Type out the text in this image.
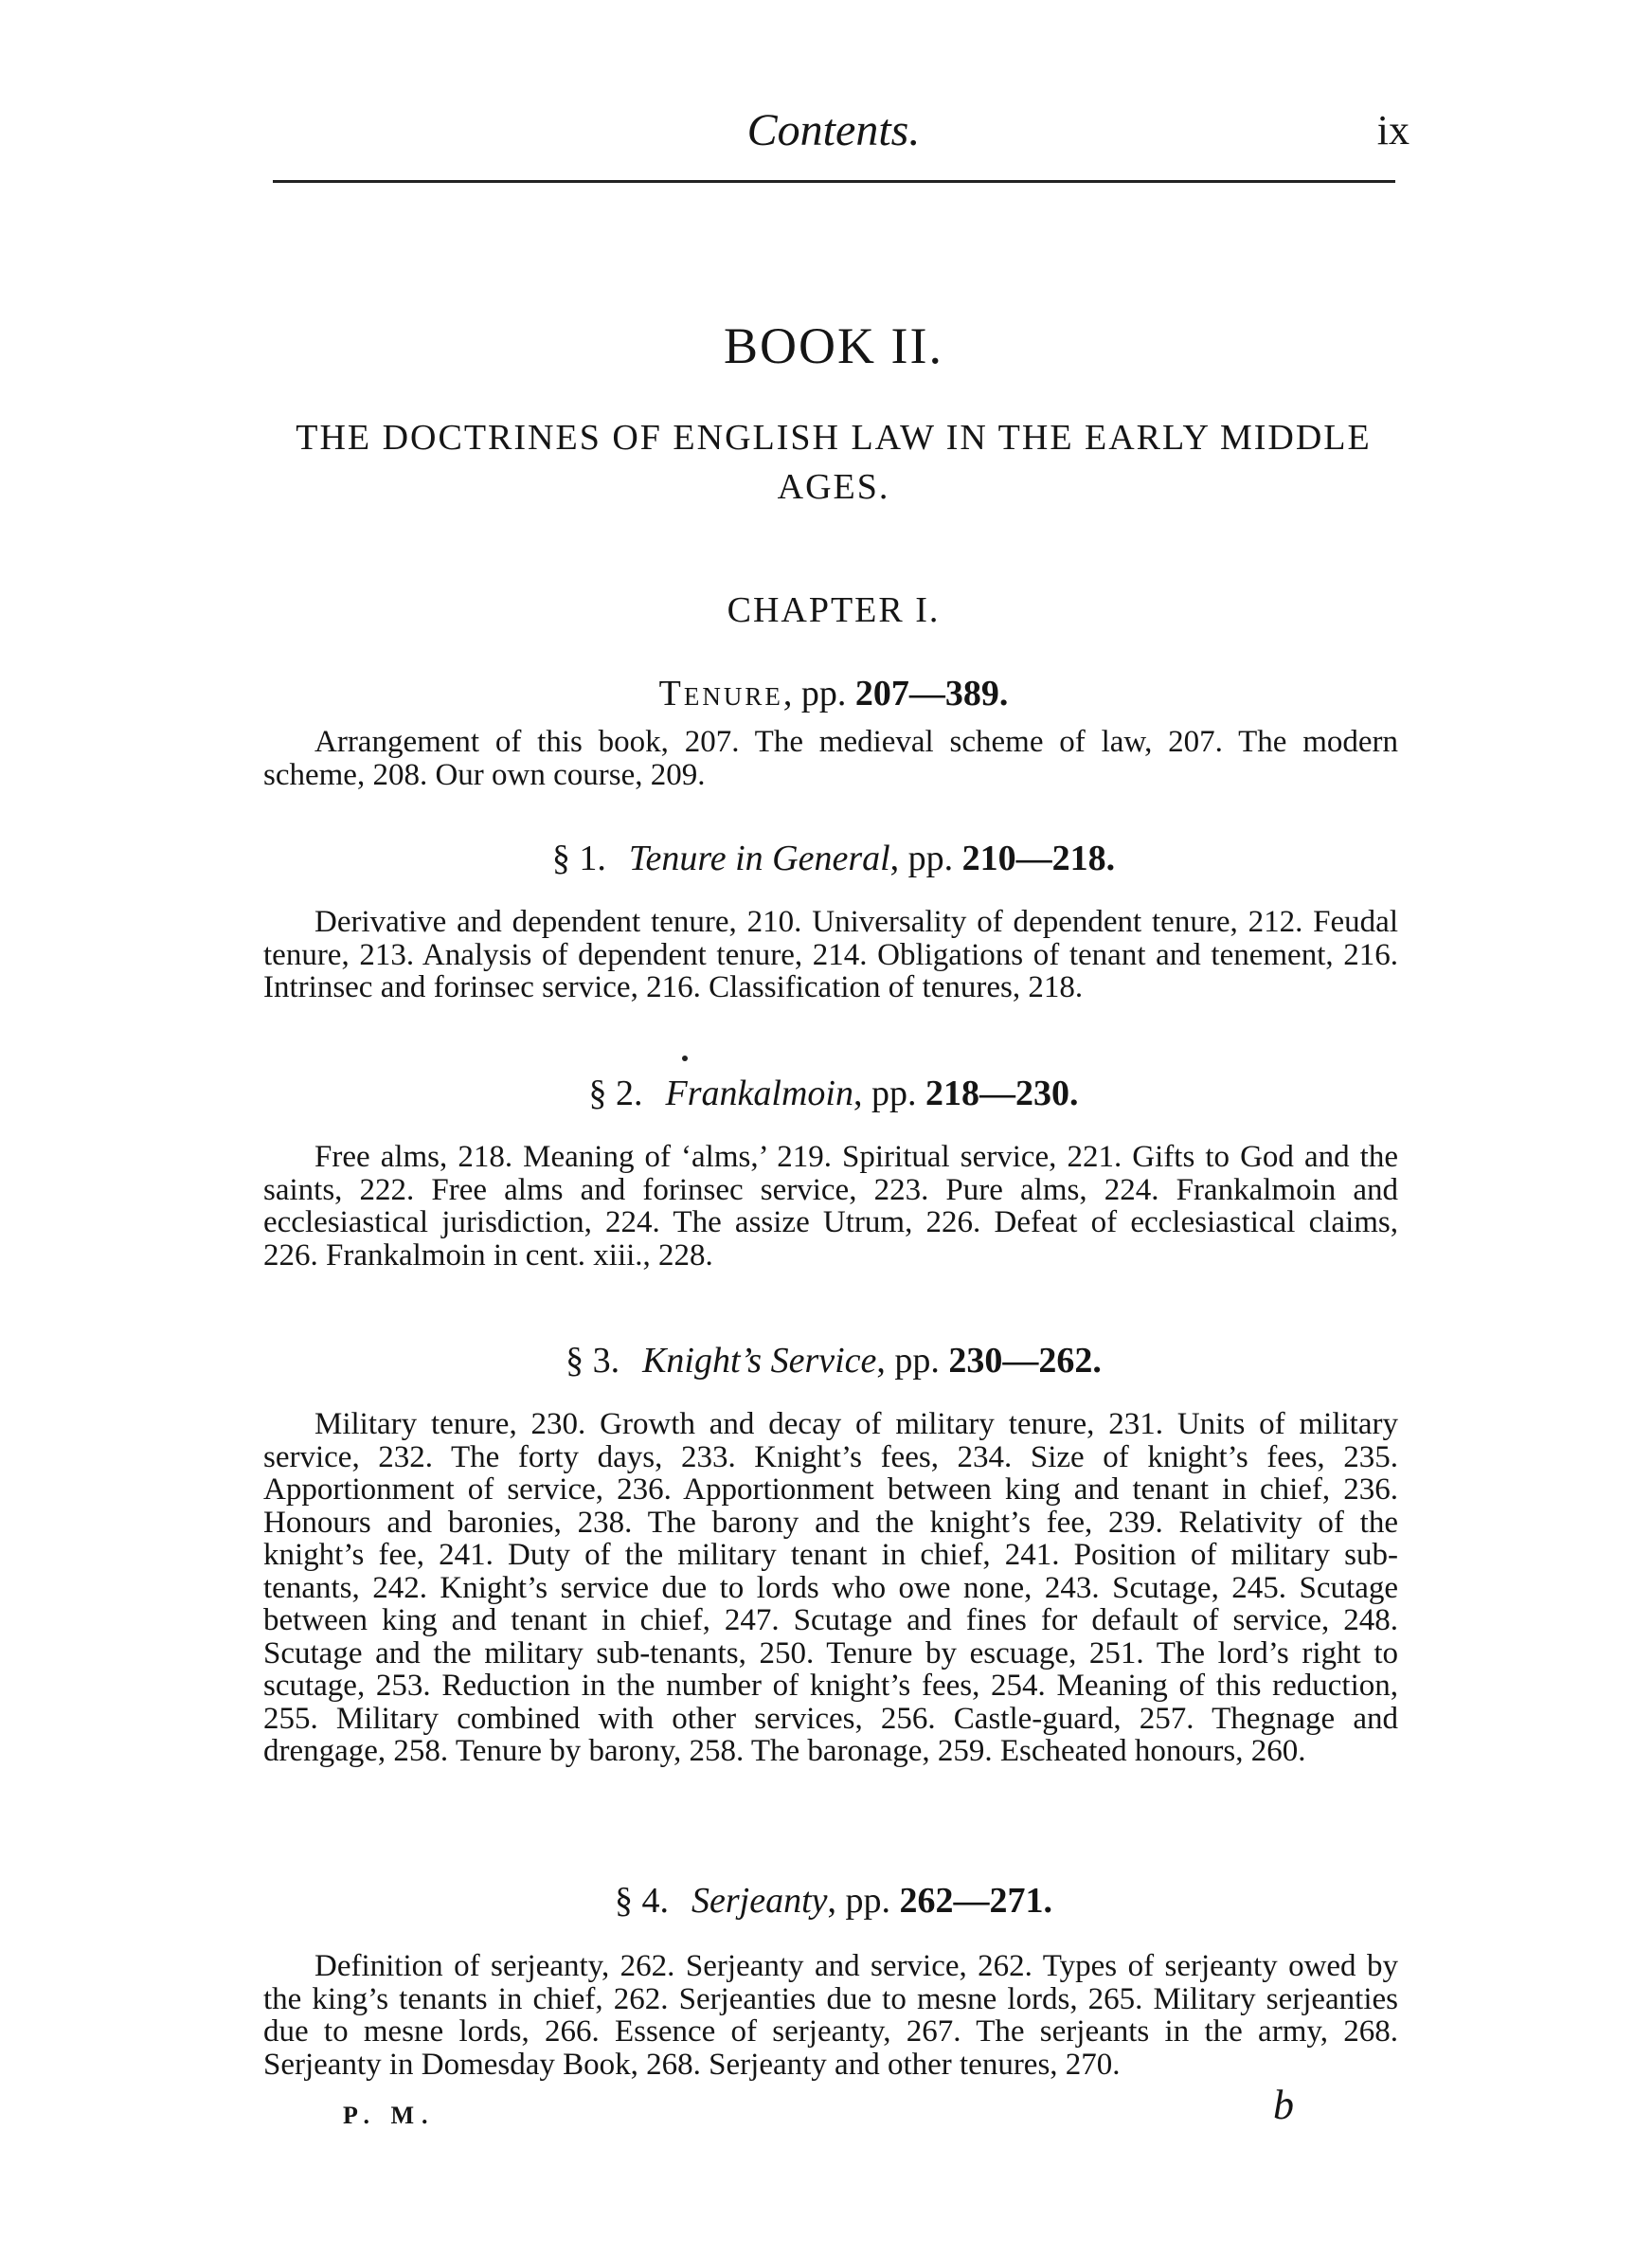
Contents.	ix
BOOK II.
THE DOCTRINES OF ENGLISH LAW IN THE EARLY MIDDLE AGES.
CHAPTER I.
Tenure, pp. 207—389.

Arrangement of this book, 207. The medieval scheme of law, 207. The modern scheme, 208. Our own course, 209.

§ 1. Tenure in General, pp. 210—218.

Derivative and dependent tenure, 210. Universality of dependent tenure, 212. Feudal tenure, 213. Analysis of dependent tenure, 214. Obligations of tenant and tenement, 216. Intrinsec and forinsec service, 216. Classification of tenures, 218.

§ 2. Frankalmoin, pp. 218—230.

Free alms, 218. Meaning of ‘alms,’ 219. Spiritual service, 221. Gifts to God and the saints, 222. Free alms and forinsec service, 223. Pure alms, 224. Frankalmoin and ecclesiastical jurisdiction, 224. The assize Utrum, 226. Defeat of ecclesiastical claims, 226. Frankalmoin in cent. xiii., 228.

§ 3. Knight’s Service, pp. 230—262.

Military tenure, 230. Growth and decay of military tenure, 231. Units of military service, 232. The forty days, 233. Knight’s fees, 234. Size of knight’s fees, 235. Apportionment of service, 236. Apportionment between king and tenant in chief, 236. Honours and baronies, 238. The barony and the knight’s fee, 239. Relativity of the knight’s fee, 241. Duty of the military tenant in chief, 241. Position of military sub-tenants, 242. Knight’s service due to lords who owe none, 243. Scutage, 245. Scutage between king and tenant in chief, 247. Scutage and fines for default of service, 248. Scutage and the military sub-tenants, 250. Tenure by escuage, 251. The lord’s right to scutage, 253. Reduction in the number of knight’s fees, 254. Meaning of this reduction, 255. Military combined with other services, 256. Castle-guard, 257. Thegnage and drengage, 258. Tenure by barony, 258. The baronage, 259. Escheated honours, 260.

§ 4. Serjeanty, pp. 262—271.

Definition of serjeanty, 262. Serjeanty and service, 262. Types of serjeanty owed by the king’s tenants in chief, 262. Serjeanties due to mesne lords, 265. Military serjeanties due to mesne lords, 266. Essence of serjeanty, 267. The serjeants in the army, 268. Serjeanty in Domesday Book, 268. Serjeanty and other tenures, 270.

P. M.	b
